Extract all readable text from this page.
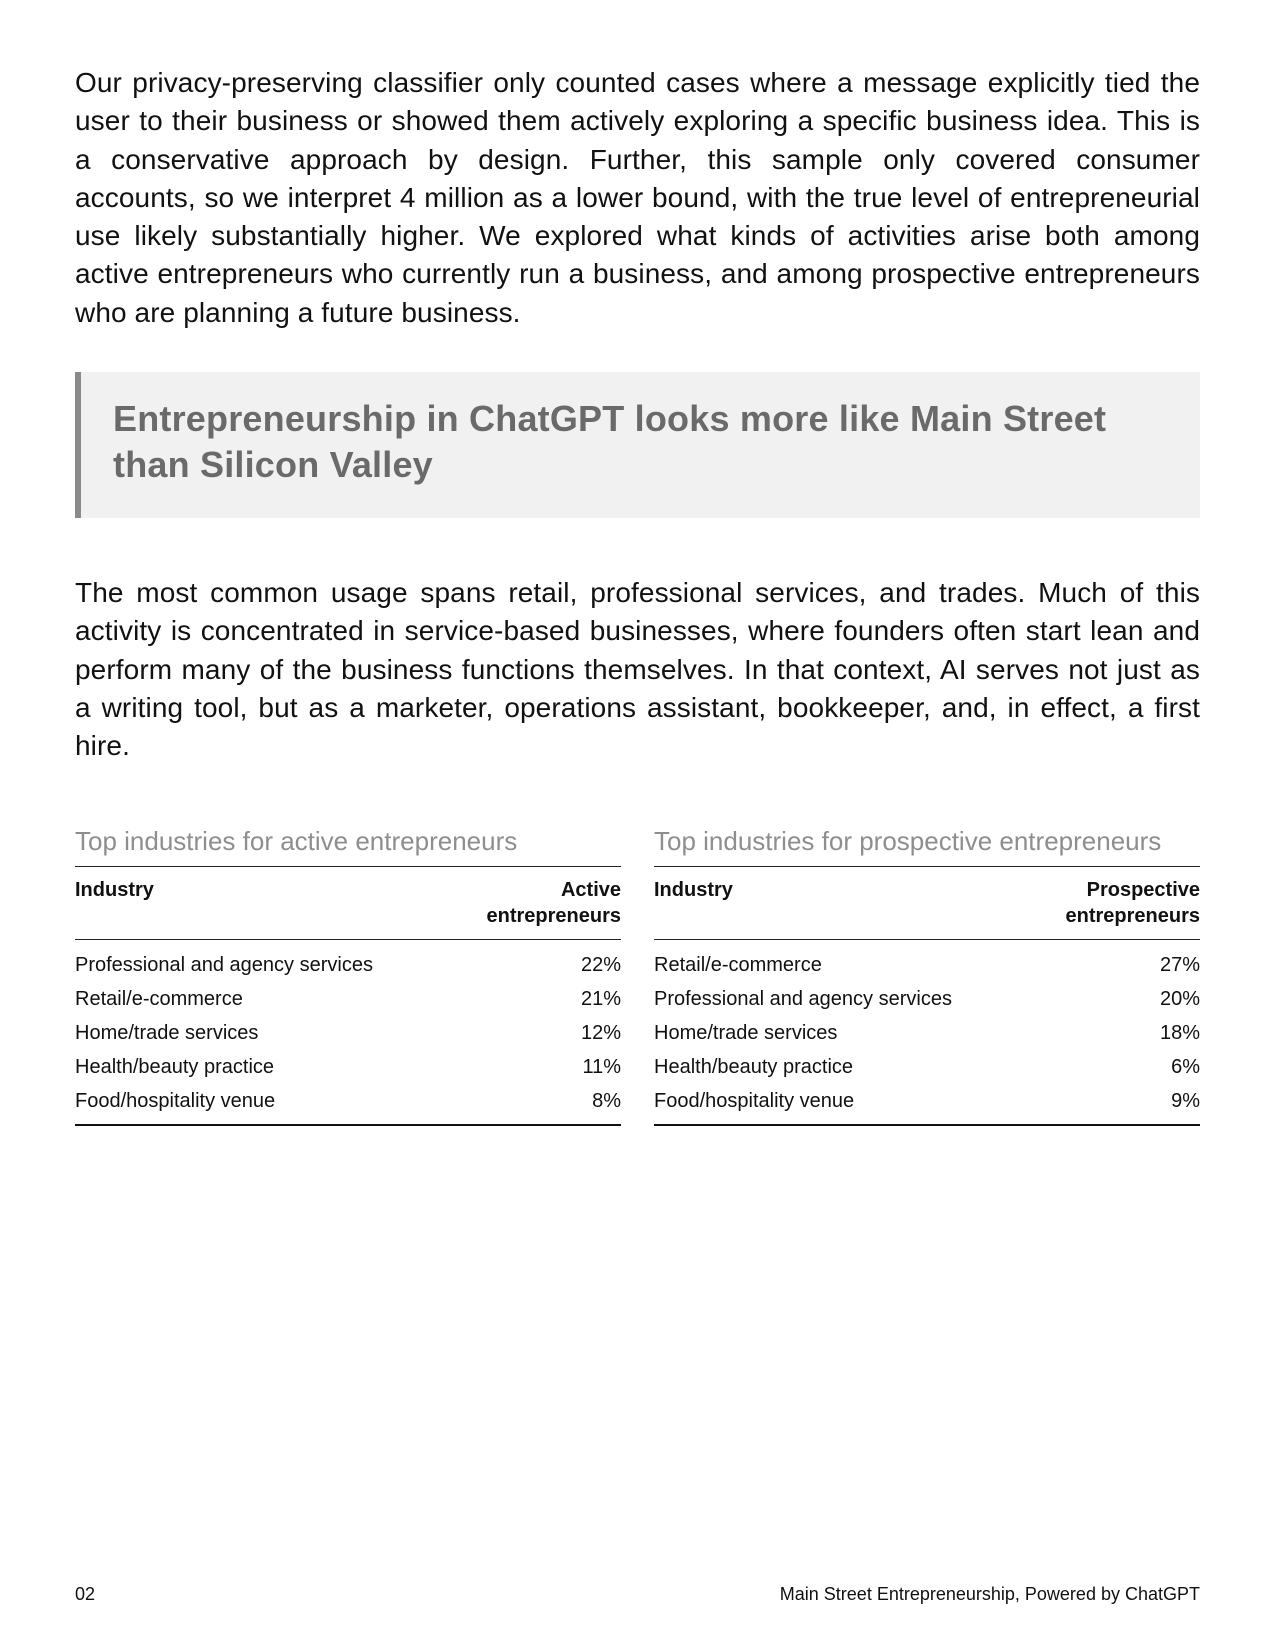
Our privacy-preserving classifier only counted cases where a message explicitly tied the user to their business or showed them actively exploring a specific business idea. This is a conservative approach by design. Further, this sample only covered consumer accounts, so we interpret 4 million as a lower bound, with the true level of entrepreneurial use likely substantially higher. We explored what kinds of activities arise both among active entrepreneurs who currently run a business, and among prospective entrepreneurs who are planning a future business.

Entrepreneurship in ChatGPT looks more like Main Street than Silicon Valley

The most common usage spans retail, professional services, and trades. Much of this activity is concentrated in service-based businesses, where founders often start lean and perform many of the business functions themselves. In that context, AI serves not just as a writing tool, but as a marketer, operations assistant, bookkeeper, and, in effect, a first hire.

Top industries for active entrepreneurs
Industry	Active entrepreneurs
Professional and agency services	22%
Retail/e-commerce	21%
Home/trade services	12%
Health/beauty practice	11%
Food/hospitality venue	8%
Top industries for prospective entrepreneurs
Industry	Prospective entrepreneurs
Retail/e-commerce	27%
Professional and agency services	20%
Home/trade services	18%
Health/beauty practice	6%
Food/hospitality venue	9%
02	Main Street Entrepreneurship, Powered by ChatGPT
